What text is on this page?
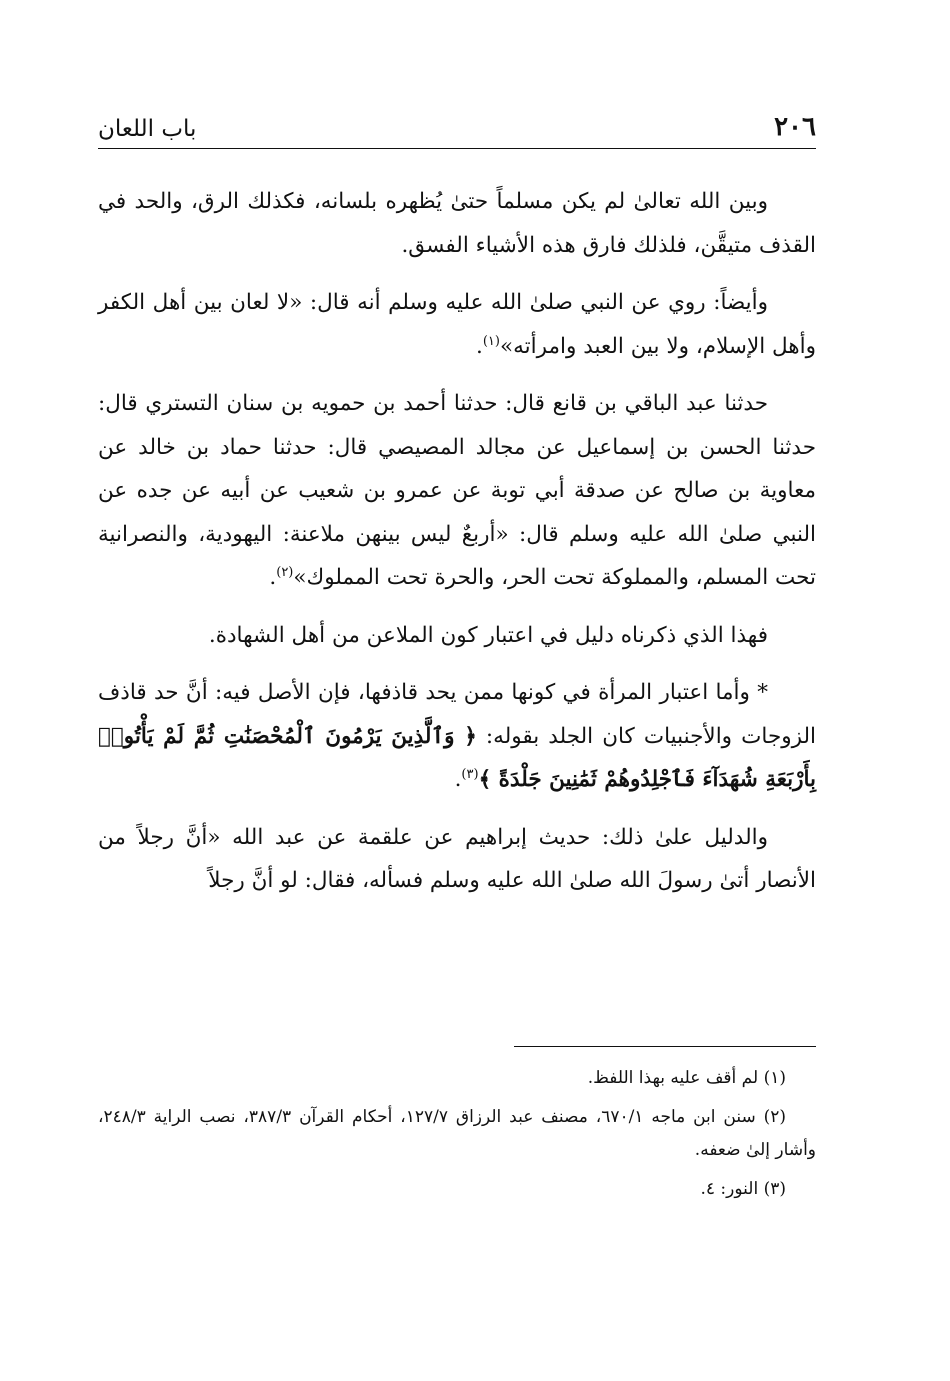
٢٠٦
باب اللعان

وبين الله تعالىٰ لم يكن مسلماً حتىٰ يُظهره بلسانه، فكذلك الرق، والحد في القذف متيقَّن، فلذلك فارق هذه الأشياء الفسق.

وأيضاً: روي عن النبي صلىٰ الله عليه وسلم أنه قال: «لا لعان بين أهل الكفر وأهل الإسلام، ولا بين العبد وامرأته»$^{(١)}$.

حدثنا عبد الباقي بن قانع قال: حدثنا أحمد بن حمويه بن سنان التستري قال: حدثنا الحسن بن إسماعيل عن مجالد المصيصي قال: حدثنا حماد بن خالد عن معاوية بن صالح عن صدقة أبي توبة عن عمرو بن شعيب عن أبيه عن جده عن النبي صلىٰ الله عليه وسلم قال: «أربعٌ ليس بينهن ملاعنة: اليهودية، والنصرانية تحت المسلم، والمملوكة تحت الحر، والحرة تحت المملوك»$^{(٢)}$.

فهذا الذي ذكرناه دليل في اعتبار كون الملاعن من أهل الشهادة.

* وأما اعتبار المرأة في كونها ممن يحد قاذفها، فإن الأصل فيه: أنَّ حد قاذف الزوجات والأجنبيات كان الجلد بقوله: ﴿ وَٱلَّذِينَ يَرْمُونَ ٱلْمُحْصَنَٰتِ ثُمَّ لَمْ يَأْتُوا۟ بِأَرْبَعَةِ شُهَدَآءَ فَٱجْلِدُوهُمْ ثَمَٰنِينَ جَلْدَةً ﴾$^{(٣)}$.

والدليل علىٰ ذلك: حديث إبراهيم عن علقمة عن عبد الله «أنَّ رجلاً من الأنصار أتىٰ رسولَ الله صلىٰ الله عليه وسلم فسأله، فقال: لو أنَّ رجلاً

(١) لم أقف عليه بهذا اللفظ.

(٢) سنن ابن ماجه ٦٧٠/١، مصنف عبد الرزاق ١٢٧/٧، أحكام القرآن ٣٨٧/٣، نصب الراية ٢٤٨/٣، وأشار إلىٰ ضعفه.

(٣) النور: ٤.
